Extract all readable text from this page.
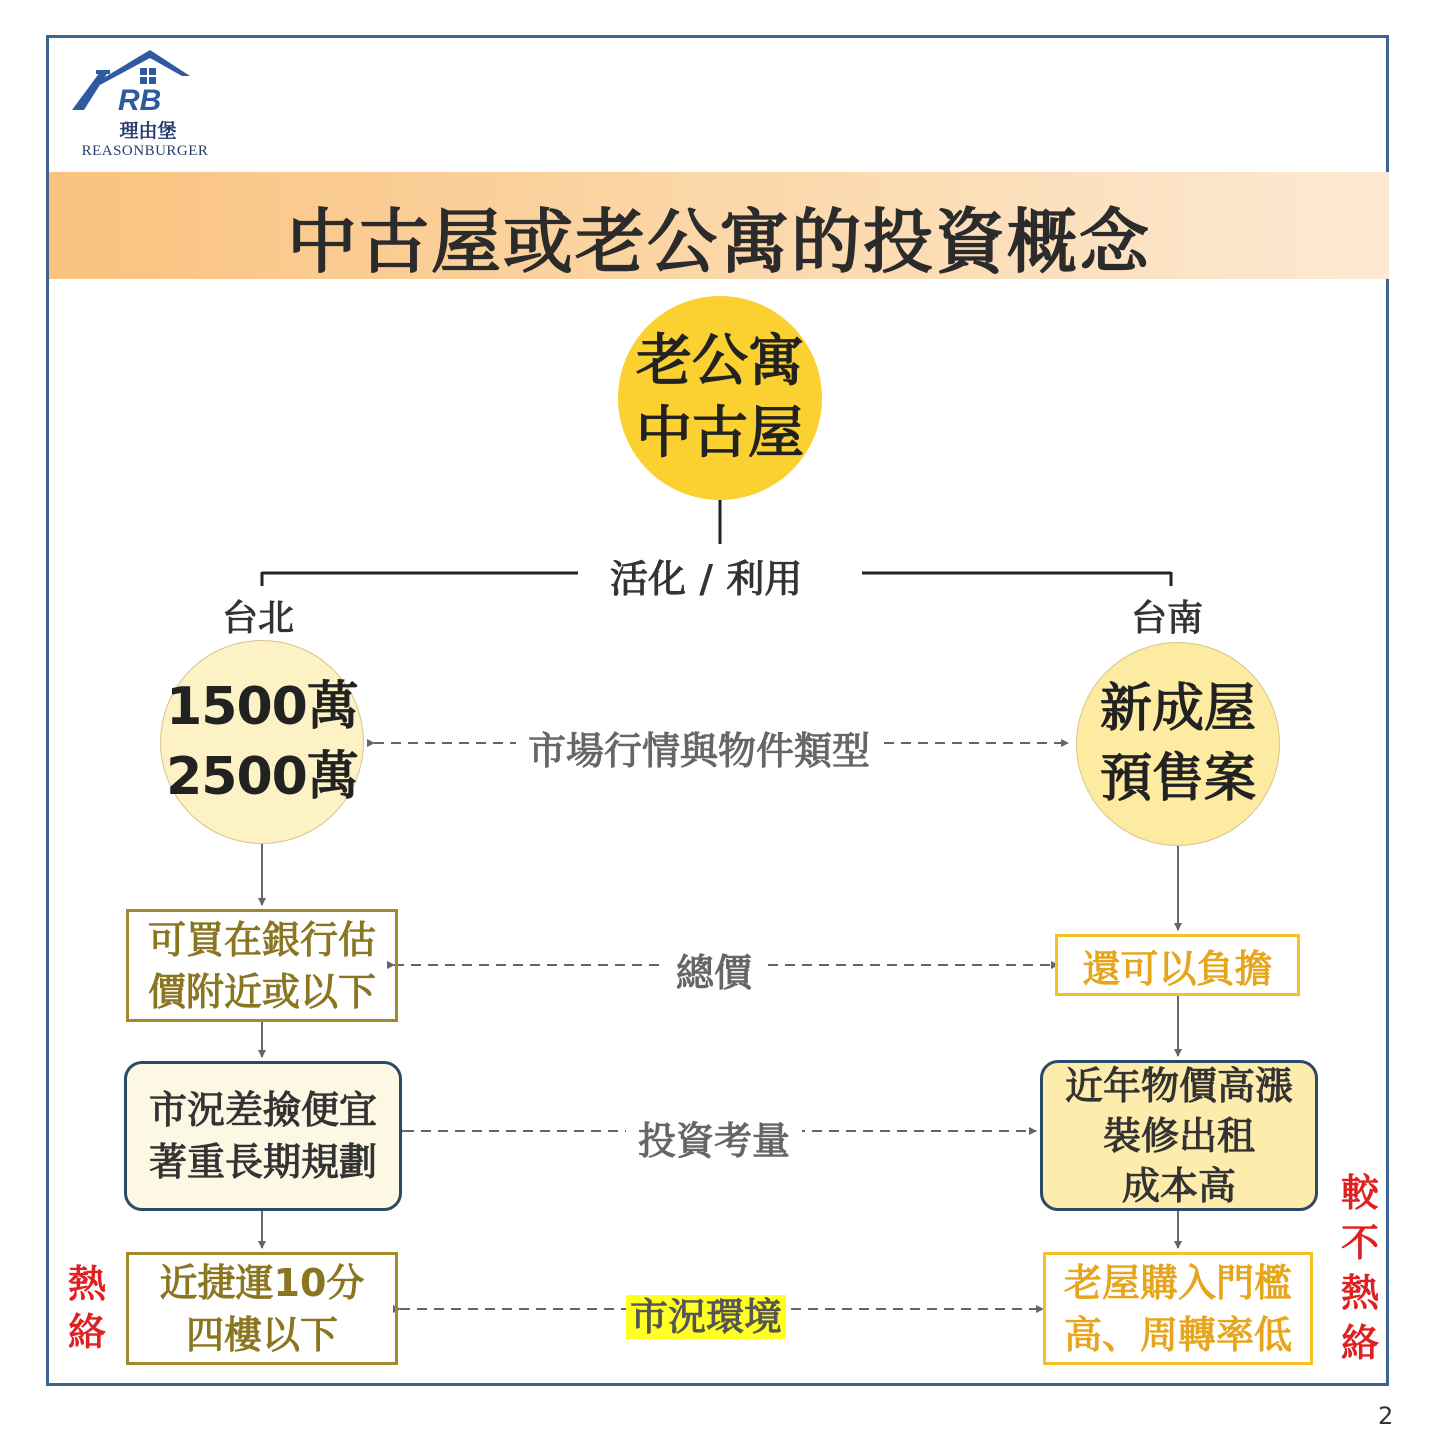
RB
理由堡
REASONBURGER
中古屋或老公寓的投資概念
老公寓
中古屋
活化 / 利用
台北	台南
1500萬
2500萬
新成屋
預售案
市場行情與物件類型
總價
投資考量
市況環境
可買在銀行估
價附近或以下
市況差撿便宜
著重長期規劃
近捷運10分
四樓以下
還可以負擔
近年物價高漲
裝修出租
成本高
老屋購入門檻
高、周轉率低
熱
絡
較
不
熱
絡
2
